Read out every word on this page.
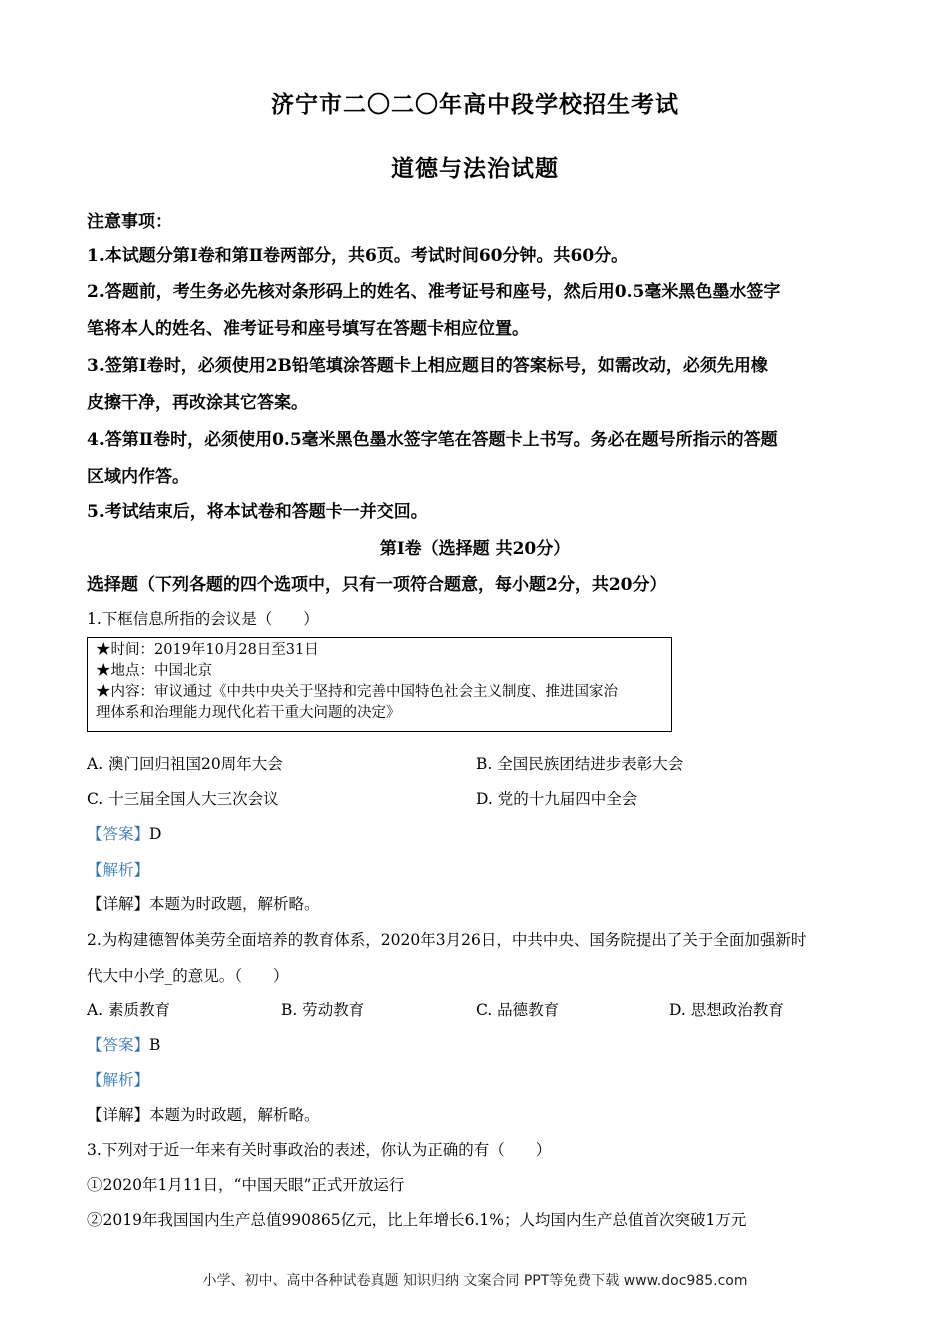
济宁市二〇二〇年高中段学校招生考试
道德与法治试题
注意事项：
1.本试题分第Ⅰ卷和第Ⅱ卷两部分，共6页。考试时间60分钟。共60分。
2.答题前，考生务必先核对条形码上的姓名、准考证号和座号，然后用0.5毫米黑色墨水签字
笔将本人的姓名、准考证号和座号填写在答题卡相应位置。
3.签第Ⅰ卷时，必须使用2B铅笔填涂答题卡上相应题目的答案标号，如需改动，必须先用橡
皮擦干净，再改涂其它答案。
4.答第Ⅱ卷时，必须使用0.5毫米黑色墨水签字笔在答题卡上书写。务必在题号所指示的答题
区域内作答。
5.考试结束后，将本试卷和答题卡一并交回。
第Ⅰ卷（选择题 共20分）
选择题（下列各题的四个选项中，只有一项符合题意，每小题2分，共20分）
1.下框信息所指的会议是（　　）
★时间：2019年10月28日至31日
★地点：中国北京
★内容：审议通过《中共中央关于坚持和完善中国特色社会主义制度、推进国家治
理体系和治理能力现代化若干重大问题的决定》
A. 澳门回归祖国20周年大会	B. 全国民族团结进步表彰大会
C. 十三届全国人大三次会议	D. 党的十九届四中全会
【答案】D
【解析】
【详解】本题为时政题，解析略。
2.为构建德智体美劳全面培养的教育体系，2020年3月26日，中共中央、国务院提出了关于全面加强新时
代大中小学_的意见。（　　）
A. 素质教育	B. 劳动教育	C. 品德教育	D. 思想政治教育
【答案】B
【解析】
【详解】本题为时政题，解析略。
3.下列对于近一年来有关时事政治的表述，你认为正确的有（　　）
①2020年1月11日，“中国天眼”正式开放运行
②2019年我国国内生产总值990865亿元，比上年增长6.1%；人均国内生产总值首次突破1万元
小学、初中、高中各种试卷真题 知识归纳 文案合同 PPT等免费下载 www.doc985.com
